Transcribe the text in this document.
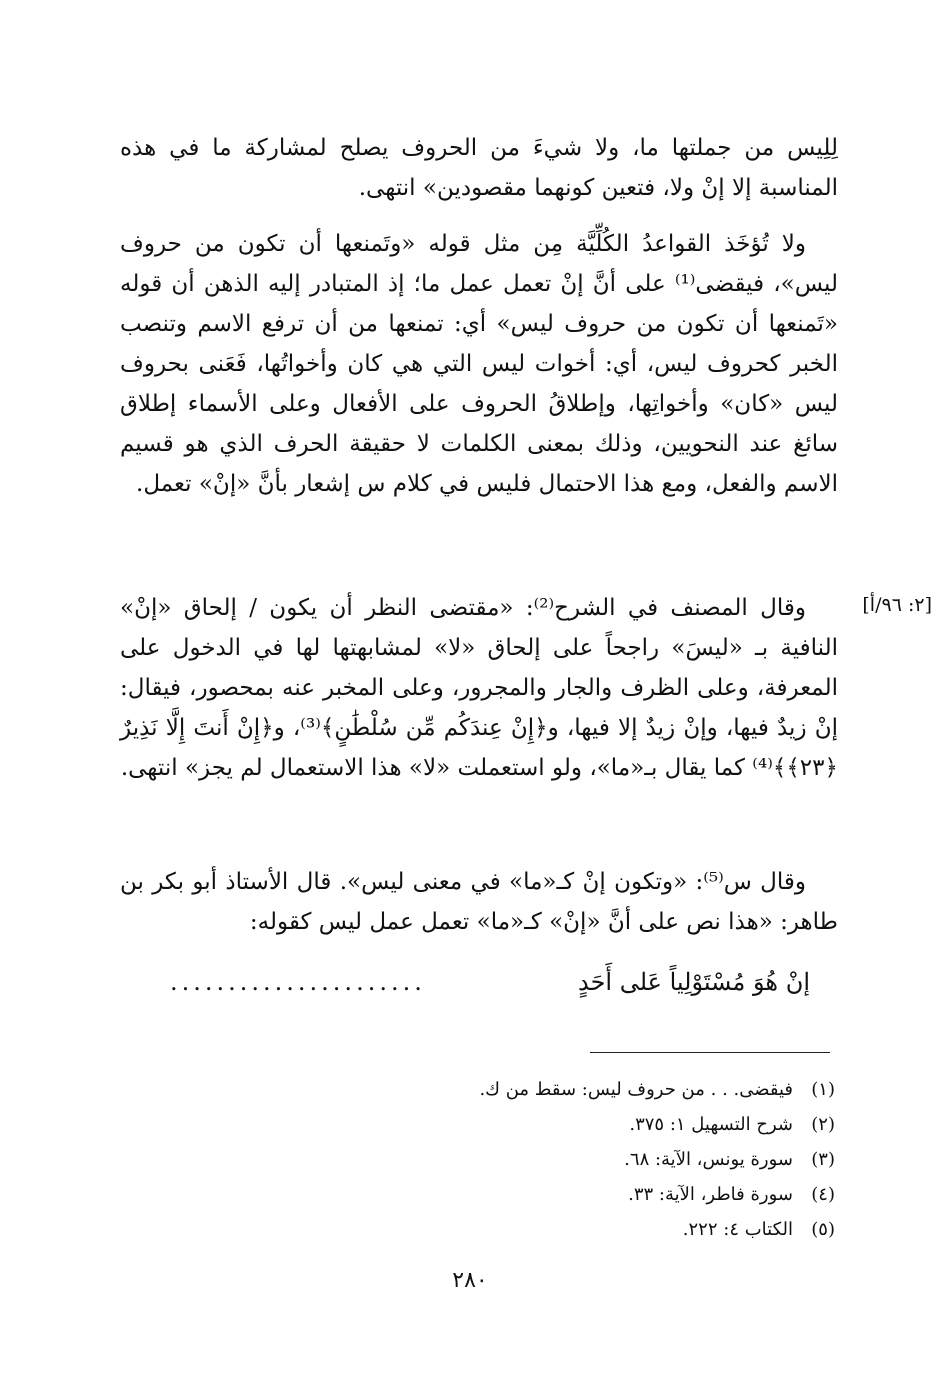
لِلِيس من جملتها ما، ولا شيءَ من الحروف يصلح لمشاركة ما في هذه المناسبة إلا إنْ ولا، فتعين كونهما مقصودين» انتهى.

ولا تُؤخَذ القواعدُ الكُلِّيَّة مِن مثل قوله «وتَمنعها أن تكون من حروف ليس»، فيقضى⁽¹⁾ على أنَّ إنْ تعمل عمل ما؛ إذ المتبادر إليه الذهن أن قوله «تَمنعها أن تكون من حروف ليس» أي: تمنعها من أن ترفع الاسم وتنصب الخبر كحروف ليس، أي: أخوات ليس التي هي كان وأخواتُها، فَعَنى بحروف ليس «كان» وأخواتِها، وإطلاقُ الحروف على الأفعال وعلى الأسماء إطلاق سائغ عند النحويين، وذلك بمعنى الكلمات لا حقيقة الحرف الذي هو قسيم الاسم والفعل، ومع هذا الاحتمال فليس في كلام س إشعار بأنَّ «إنْ» تعمل.

[٢: ٩٦/أ]

وقال المصنف في الشرح⁽²⁾: «مقتضى النظر أن يكون / إلحاق «إنْ» النافية بـ «ليسَ» راجحاً على إلحاق «لا» لمشابهتها لها في الدخول على المعرفة، وعلى الظرف والجار والمجرور، وعلى المخبر عنه بمحصور، فيقال: إنْ زيدٌ فيها، وإنْ زيدٌ إلا فيها، و﴿إِنْ عِندَكُم مِّن سُلْطَٰنٍ﴾⁽³⁾، و﴿إِنْ أَنتَ إِلَّا نَذِيرٌ ﴿٢٣﴾﴾⁽⁴⁾ كما يقال بـ«ما»، ولو استعملت «لا» هذا الاستعمال لم يجز» انتهى.

وقال س⁽⁵⁾: «وتكون إنْ كـ«ما» في معنى ليس». قال الأستاذ أبو بكر بن طاهر: «هذا نص على أنَّ «إنْ» كـ«ما» تعمل عمل ليس كقوله:

إنْ هُوَ مُسْتَوْلِياً عَلى أَحَدٍ
......................
(١)فيقضى. . . من حروف ليس: سقط من ك.
(٢)شرح التسهيل ١: ٣٧٥.
(٣)سورة يونس، الآية: ٦٨.
(٤)سورة فاطر، الآية: ٣٣.
(٥)الكتاب ٤: ٢٢٢.
٢٨٠
